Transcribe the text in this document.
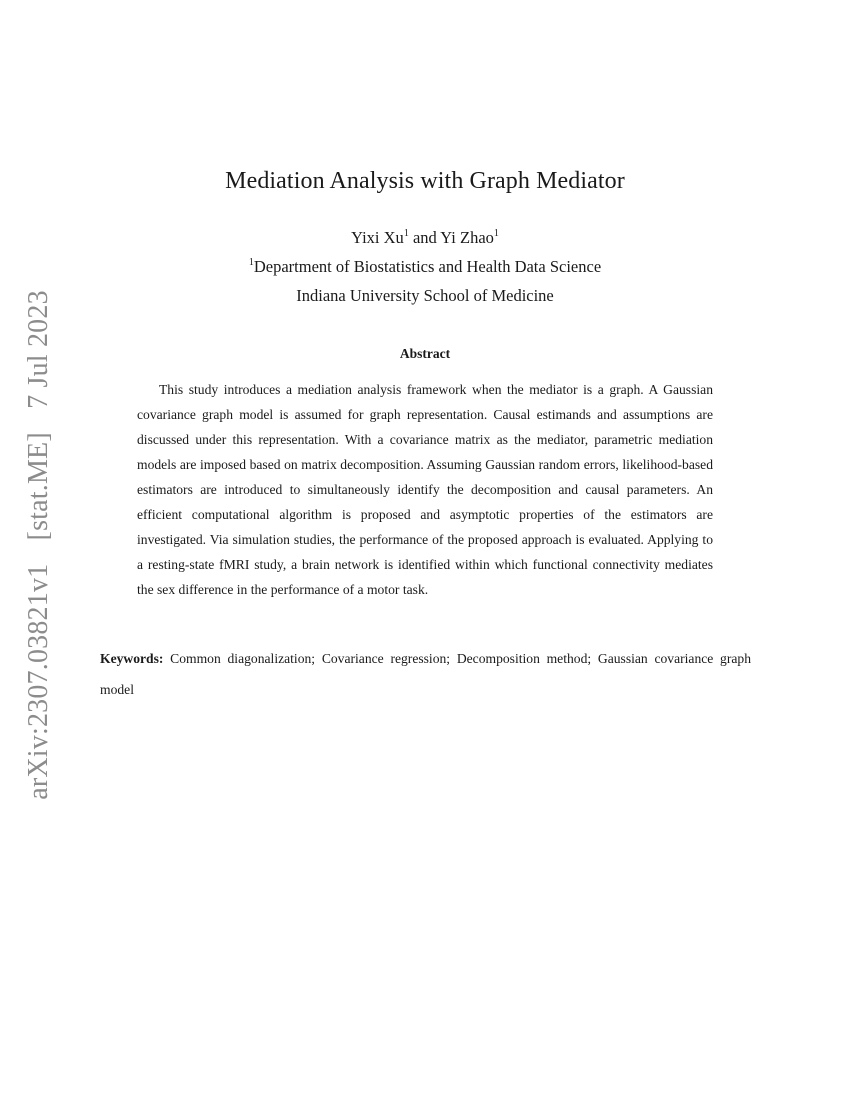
arXiv:2307.03821v1 [stat.ME] 7 Jul 2023
Mediation Analysis with Graph Mediator
Yixi Xu$^1$ and Yi Zhao$^1$
$^1$Department of Biostatistics and Health Data Science
Indiana University School of Medicine
Abstract

This study introduces a mediation analysis framework when the mediator is a graph. A Gaussian covariance graph model is assumed for graph representation. Causal estimands and assumptions are discussed under this representation. With a covariance matrix as the mediator, parametric mediation models are imposed based on matrix decomposition. Assuming Gaussian random errors, likelihood-based estimators are introduced to simultaneously identify the decomposition and causal parameters. An efficient computational algorithm is proposed and asymptotic properties of the estimators are investigated. Via simulation studies, the performance of the proposed approach is evaluated. Applying to a resting-state fMRI study, a brain network is identified within which functional connectivity mediates the sex difference in the performance of a motor task.

Keywords: Common diagonalization; Covariance regression; Decomposition method; Gaussian covariance graph model
